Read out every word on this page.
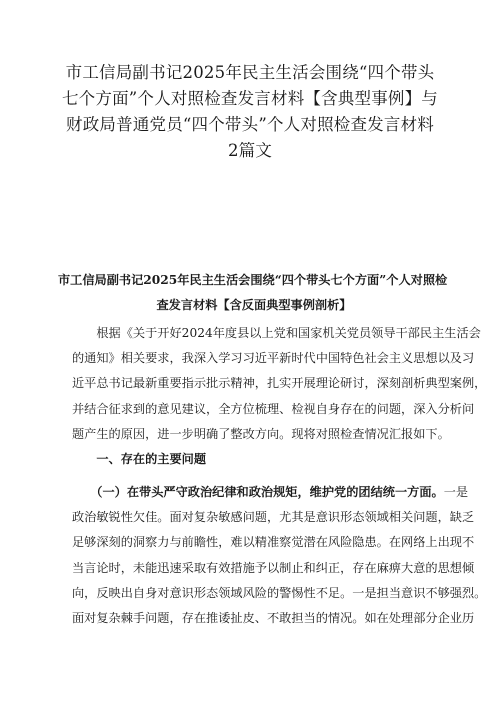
市工信局副书记2025年民主生活会围绕“四个带头
七个方面”个人对照检查发言材料【含典型事例】与
财政局普通党员“四个带头”个人对照检查发言材料
2篇文
市工信局副书记2025年民主生活会围绕“四个带头七个方面”个人对照检
查发言材料【含反面典型事例剖析】
　　根据《关于开好2024年度县以上党和国家机关党员领导干部民主生活会
的通知》相关要求，我深入学习习近平新时代中国特色社会主义思想以及习
近平总书记最新重要指示批示精神，扎实开展理论研讨，深刻剖析典型案例，
并结合征求到的意见建议，全方位梳理、检视自身存在的问题，深入分析问
题产生的原因，进一步明确了整改方向。现将对照检查情况汇报如下。
　　一、存在的主要问题
　　（一）在带头严守政治纪律和政治规矩，维护党的团结统一方面。一是
政治敏锐性欠佳。面对复杂敏感问题，尤其是意识形态领域相关问题，缺乏
足够深刻的洞察力与前瞻性，难以精准察觉潜在风险隐患。在网络上出现不
当言论时，未能迅速采取有效措施予以制止和纠正，存在麻痹大意的思想倾
向，反映出自身对意识形态领域风险的警惕性不足。一是担当意识不够强烈。
面对复杂棘手问题，存在推诿扯皮、不敢担当的情况。如在处理部分企业历
